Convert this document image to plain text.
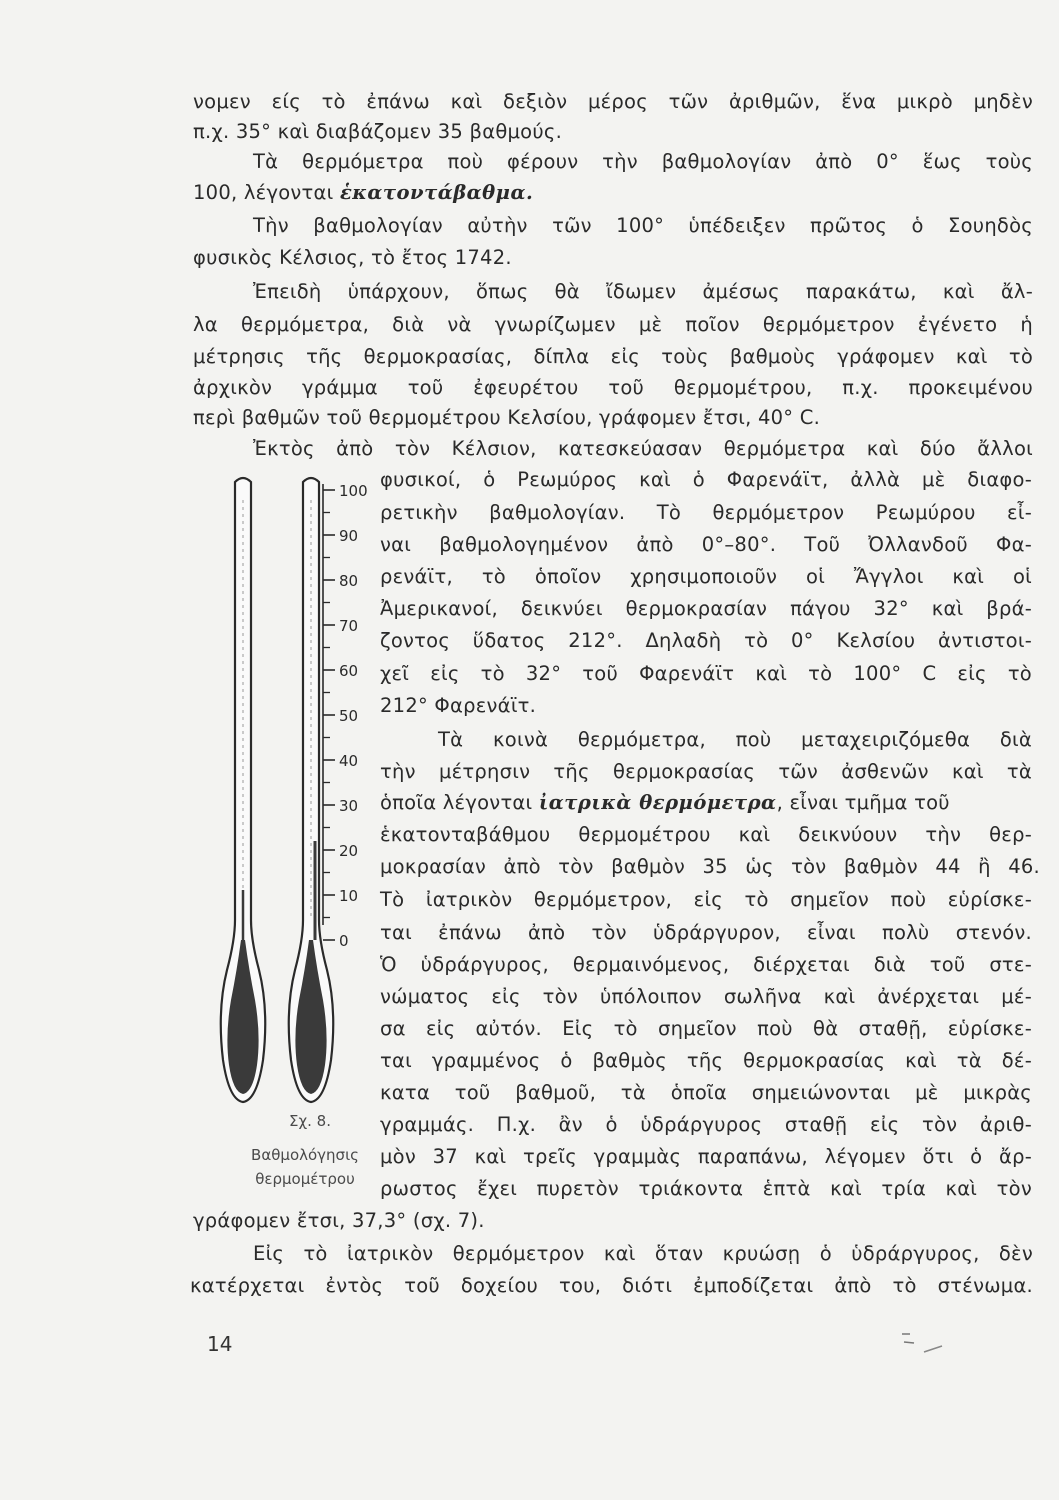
νομεν είς τὸ ἐπάνω καὶ δεξιὸν μέρος τῶν ἀριθμῶν, ἕνα μικρὸ μηδὲν
π.χ. 35° καὶ διαβάζομεν 35 βαθμούς.
Τὰ θερμόμετρα ποὺ φέρουν τὴν βαθμολογίαν ἀπὸ 0° ἕως τοὺς
100, λέγονται ἑκατοντάβαθμα.
Τὴν βαθμολογίαν αὐτὴν τῶν 100° ὑπέδειξεν πρῶτος ὁ Σουηδὸς
φυσικὸς Κέλσιος, τὸ ἔτος 1742.
Ἐπειδὴ ὑπάρχουν, ὅπως θὰ ἴδωμεν ἀμέσως παρακάτω, καὶ ἄλ-
λα θερμόμετρα, διὰ νὰ γνωρίζωμεν μὲ ποῖον θερμόμετρον ἐγένετο ἡ
μέτρησις τῆς θερμοκρασίας, δίπλα εἰς τοὺς βαθμοὺς γράφομεν καὶ τὸ
ἀρχικὸν γράμμα τοῦ ἐφευρέτου τοῦ θερμομέτρου, π.χ. προκειμένου
περὶ βαθμῶν τοῦ θερμομέτρου Κελσίου, γράφομεν ἔτσι, 40° C.
Ἐκτὸς ἀπὸ τὸν Κέλσιον, κατεσκεύασαν θερμόμετρα καὶ δύο ἄλλοι
φυσικοί, ὁ Ρεωμύρος καὶ ὁ Φαρενάϊτ, ἀλλὰ μὲ διαφο-
ρετικὴν βαθμολογίαν. Τὸ θερμόμετρον Ρεωμύρου εἶ-
ναι βαθμολογημένον ἀπὸ 0°–80°. Τοῦ Ὀλλανδοῦ Φα-
ρενάϊτ, τὸ ὁποῖον χρησιμοποιοῦν οἱ Ἄγγλοι καὶ οἱ
Ἀμερικανοί, δεικνύει θερμοκρασίαν πάγου 32° καὶ βρά-
ζοντος ὕδατος 212°. Δηλαδὴ τὸ 0° Κελσίου ἀντιστοι-
χεῖ εἰς τὸ 32° τοῦ Φαρενάϊτ καὶ τὸ 100° C εἰς τὸ
212° Φαρενάϊτ.
Τὰ κοινὰ θερμόμετρα, ποὺ μεταχειριζόμεθα διὰ
τὴν μέτρησιν τῆς θερμοκρασίας τῶν ἀσθενῶν καὶ τὰ
ὁποῖα λέγονται ἰατρικὰ θερμόμετρα, εἶναι τμῆμα τοῦ
ἑκατονταβάθμου θερμομέτρου καὶ δεικνύουν τὴν θερ-
μοκρασίαν ἀπὸ τὸν βαθμὸν 35 ὡς τὸν βαθμὸν 44 ἢ 46.
Τὸ ἰατρικὸν θερμόμετρον, εἰς τὸ σημεῖον ποὺ εὑρίσκε-
ται ἐπάνω ἀπὸ τὸν ὑδράργυρον, εἶναι πολὺ στενόν.
Ὁ ὑδράργυρος, θερμαινόμενος, διέρχεται διὰ τοῦ στε-
νώματος εἰς τὸν ὑπόλοιπον σωλῆνα καὶ ἀνέρχεται μέ-
σα εἰς αὐτόν. Εἰς τὸ σημεῖον ποὺ θὰ σταθῇ, εὑρίσκε-
ται γραμμένος ὁ βαθμὸς τῆς θερμοκρασίας καὶ τὰ δέ-
κατα τοῦ βαθμοῦ, τὰ ὁποῖα σημειώνονται μὲ μικρὰς
γραμμάς. Π.χ. ἂν ὁ ὑδράργυρος σταθῇ εἰς τὸν ἀριθ-
μὸν 37 καὶ τρεῖς γραμμὰς παραπάνω, λέγομεν ὅτι ὁ ἄρ-
ρωστος ἔχει πυρετὸν τριάκοντα ἑπτὰ καὶ τρία καὶ τὸν
γράφομεν ἔτσι, 37,3° (σχ. 7).
Εἰς τὸ ἰατρικὸν θερμόμετρον καὶ ὅταν κρυώσῃ ὁ ὑδράργυρος, δὲν
κατέρχεται ἐντὸς τοῦ δοχείου του, διότι ἐμποδίζεται ἀπὸ τὸ στένωμα.
100
90
80
70
60
50
40
30
20
10
0
Σχ. 8.
Βαθμολόγησις
θερμομέτρου
14
